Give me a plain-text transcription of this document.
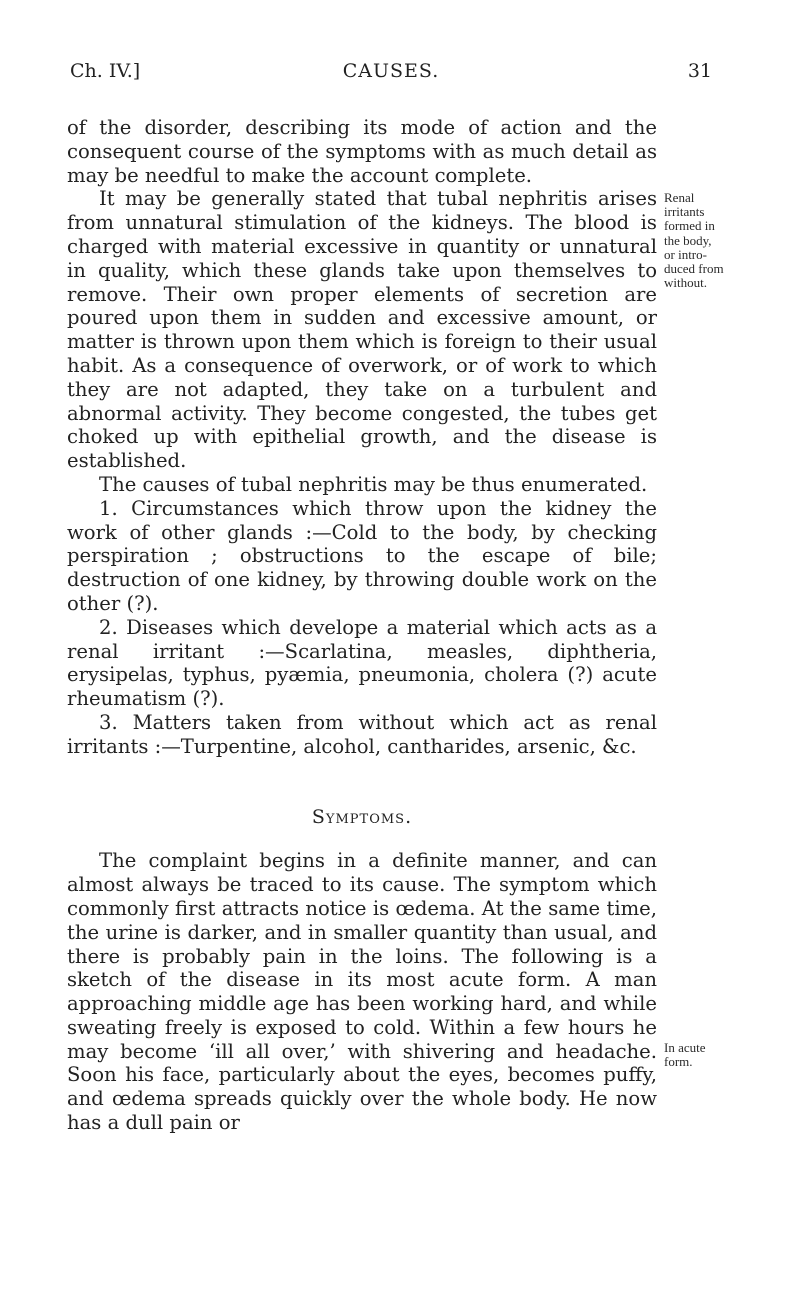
Ch. IV.]	CAUSES.	31

of the disorder, describing its mode of action and the consequent course of the symptoms with as much detail as may be needful to make the account complete.

It may be generally stated that tubal nephritis arises from unnatural stimulation of the kidneys. The blood is charged with material excessive in quantity or unnatural in quality, which these glands take upon themselves to remove. Their own proper elements of secretion are poured upon them in sudden and excessive amount, or matter is thrown upon them which is foreign to their usual habit. As a consequence of overwork, or of work to which they are not adapted, they take on a turbulent and abnormal activity. They become congested, the tubes get choked up with epithelial growth, and the disease is established.

The causes of tubal nephritis may be thus enumerated.

1. Circumstances which throw upon the kidney the work of other glands :—Cold to the body, by checking perspiration ; obstructions to the escape of bile; destruction of one kidney, by throwing double work on the other (?).

2. Diseases which develope a material which acts as a renal irritant :—Scarlatina, measles, diphtheria, erysipelas, typhus, pyæmia, pneumonia, cholera (?) acute rheumatism (?).

3. Matters taken from without which act as renal irritants :—Turpentine, alcohol, cantharides, arsenic, &c.

Symptoms.

The complaint begins in a definite manner, and can almost always be traced to its cause. The symptom which commonly first attracts notice is œdema. At the same time, the urine is darker, and in smaller quantity than usual, and there is probably pain in the loins. The following is a sketch of the disease in its most acute form. A man approaching middle age has been working hard, and while sweating freely is exposed to cold. Within a few hours he may become ‘ill all over,’ with shivering and headache. Soon his face, particularly about the eyes, becomes puffy, and œdema spreads quickly over the whole body. He now has a dull pain or

Renal
irritants
formed in
the body,
or intro-
duced from
without.
In acute
form.
